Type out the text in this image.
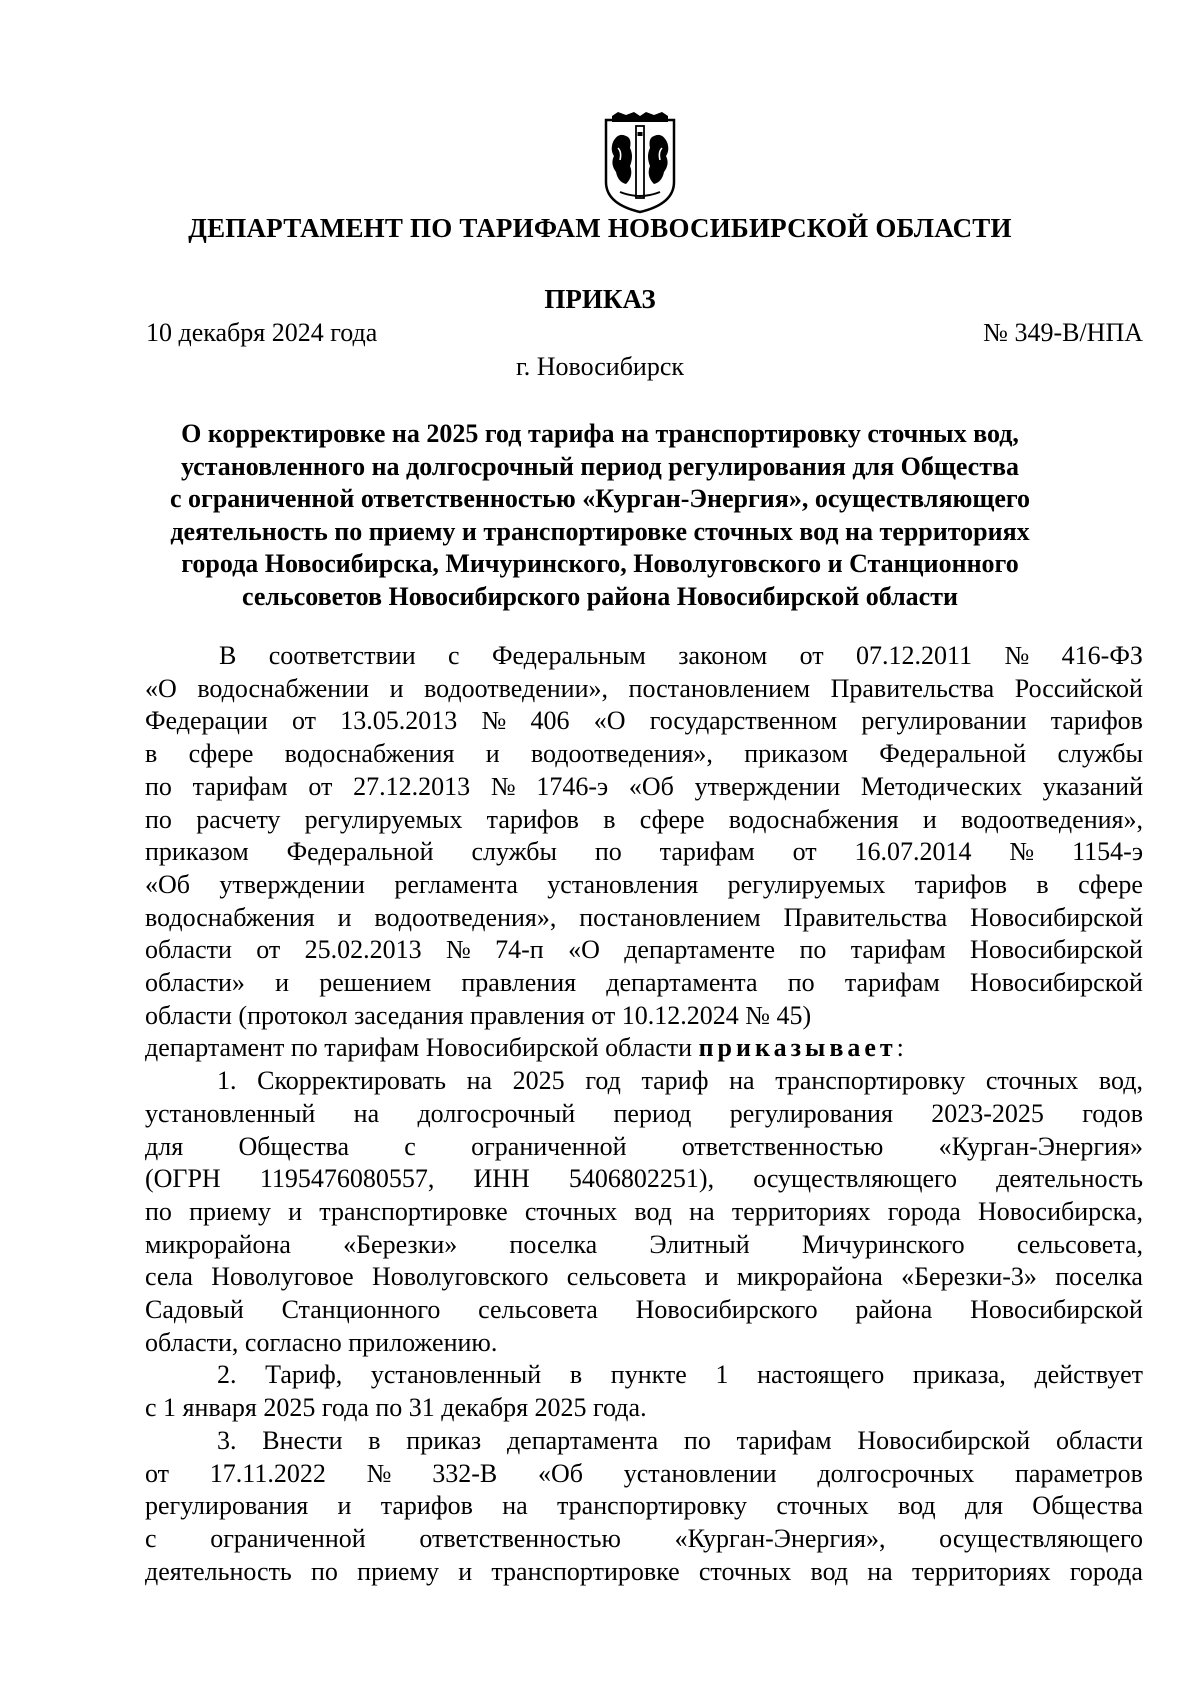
ДЕПАРТАМЕНТ ПО ТАРИФАМ НОВОСИБИРСКОЙ ОБЛАСТИ
ПРИКАЗ
10 декабря 2024 года	№ 349-В/НПА
г. Новосибирск
О корректировке на 2025 год тарифа на транспортировку сточных вод,
установленного на долгосрочный период регулирования для Общества
с ограниченной ответственностью «Курган-Энергия», осуществляющего
деятельность по приему и транспортировке сточных вод на территориях
города Новосибирска, Мичуринского, Новолуговского и Станционного
сельсоветов Новосибирского района Новосибирской области
В соответствии с Федеральным законом от 07.12.2011 № 416-ФЗ
«О водоснабжении и водоотведении», постановлением Правительства Российской
Федерации от 13.05.2013 № 406 «О государственном регулировании тарифов
в сфере водоснабжения и водоотведения», приказом Федеральной службы
по тарифам от 27.12.2013 № 1746-э «Об утверждении Методических указаний
по расчету регулируемых тарифов в сфере водоснабжения и водоотведения»,
приказом Федеральной службы по тарифам от 16.07.2014 № 1154-э
«Об утверждении регламента установления регулируемых тарифов в сфере
водоснабжения и водоотведения», постановлением Правительства Новосибирской
области от 25.02.2013 № 74-п «О департаменте по тарифам Новосибирской
области» и решением правления департамента по тарифам Новосибирской
области (протокол заседания правления от 10.12.2024 № 45)
департамент по тарифам Новосибирской области приказывает:
1. Скорректировать на 2025 год тариф на транспортировку сточных вод,
установленный на долгосрочный период регулирования 2023-2025 годов
для Общества с ограниченной ответственностью «Курган-Энергия»
(ОГРН 1195476080557, ИНН 5406802251), осуществляющего деятельность
по приему и транспортировке сточных вод на территориях города Новосибирска,
микрорайона «Березки» поселка Элитный Мичуринского сельсовета,
села Новолуговое Новолуговского сельсовета и микрорайона «Березки-3» поселка
Садовый Станционного сельсовета Новосибирского района Новосибирской
области, согласно приложению.
2. Тариф, установленный в пункте 1 настоящего приказа, действует
с 1 января 2025 года по 31 декабря 2025 года.
3. Внести в приказ департамента по тарифам Новосибирской области
от 17.11.2022 № 332-В «Об установлении долгосрочных параметров
регулирования и тарифов на транспортировку сточных вод для Общества
с ограниченной ответственностью «Курган-Энергия», осуществляющего
деятельность по приему и транспортировке сточных вод на территориях города
